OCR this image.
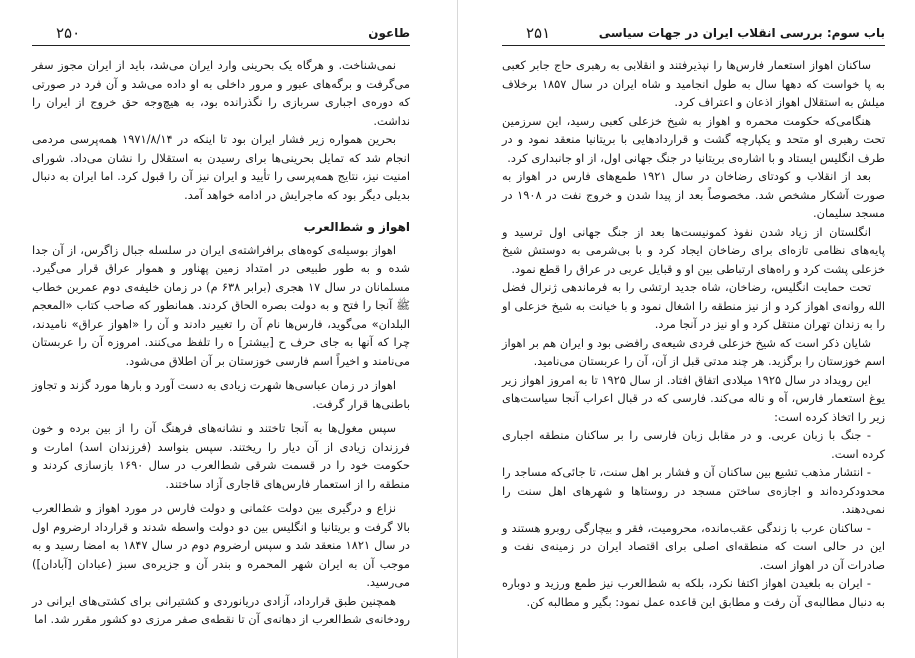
طاعون
۲۵۰

نمی‌شناخت. و هرگاه یک بحرینی وارد ایران می‌شد، باید از ایران مجوز سفر می‌گرفت و برگه‌های عبور و مرور داخلی به او داده می‌شد و آن فرد در صورتی که دوره‌ی اجباری سربازی را نگذرانده بود، به هیچ‌وجه حق خروج از ایران را نداشت.

بحرین همواره زیر فشار ایران بود تا اینکه در ۱۹۷۱/۸/۱۴ همه‌پرسی مردمی انجام شد که تمایل بحرینی‌ها برای رسیدن به استقلال را نشان می‌داد. شورای امنیت نیز، نتایج همه‌پرسی را تأیید و ایران نیز آن را قبول کرد. اما ایران به دنبال بدیلی دیگر بود که ماجرایش در ادامه خواهد آمد.

اهواز و شط‌العرب

اهواز بوسیله‌ی کوه‌های برافراشته‌ی ایران در سلسله جبال زاگرس، از آن جدا شده و به طور طبیعی در امتداد زمین پهناور و هموار عراق قرار می‌گیرد. مسلمانان در سال ۱۷ هجری (برابر ۶۳۸ م) در زمان خلیفه‌ی دوم عمربن خطاب ﷺ آنجا را فتح و به دولت بصره الحاق کردند. همانطور که صاحب کتاب «المعجم البلدان» می‌گوید، فارس‌ها نام آن را تغییر دادند و آن را «اهواز عراق» نامیدند، چرا که آنها به جای حرف ح [بیشتر] ه را تلفظ می‌کنند. امروزه آن را عربستان می‌نامند و اخیراً اسم فارسی خوزستان بر آن اطلاق می‌شود.

اهواز در زمان عباسی‌ها شهرت زیادی به دست آورد و بارها مورد گزند و تجاوز باطنی‌ها قرار گرفت.

سپس مغول‌ها به آنجا تاختند و نشانه‌های فرهنگ آن را از بین برده و خون فرزندان زیادی از آن دیار را ریختند. سپس بنواسد (فرزندان اسد) امارت و حکومت خود را در قسمت شرقی شط‌العرب در سال ۱۶۹۰ بازسازی کردند و منطقه را از استعمار فارس‌های قاجاری آزاد ساختند.

نزاع و درگیری بین دولت عثمانی و دولت فارس در مورد اهواز و شط‌العرب بالا گرفت و بریتانیا و انگلیس بین دو دولت واسطه شدند و قرارداد ارضروم اول در سال ۱۸۲۱ منعقد شد و سپس ارضروم دوم در سال ۱۸۴۷ به امضا رسید و به موجب آن به ایران شهر المحمره و بندر آن و جزیره‌ی سبز (عبادان [آبادان]) می‌رسید.

همچنین طبق قرارداد، آزادی دریانوردی و کشتیرانی برای کشتی‌های ایرانی در رودخانه‌ی شط‌العرب از دهانه‌ی آن تا نقطه‌ی صفر مرزی دو کشور مقرر شد. اما

باب سوم: بررسی انقلاب ایران در جهات سیاسی
۲۵۱

ساکنان اهواز استعمار فارس‌ها را نپذیرفتند و انقلابی به رهبری حاج جابر کعبی به پا خواست که دهها سال به طول انجامید و شاه ایران در سال ۱۸۵۷ برخلاف میلش به استقلال اهواز اذعان و اعتراف کرد.

هنگامی‌که حکومت محمره و اهواز به شیخ خزعلی کعبی رسید، این سرزمین تحت رهبری او متحد و یکپارچه گشت و قراردادهایی با بریتانیا منعقد نمود و در طرف انگلیس ایستاد و با اشاره‌ی بریتانیا در جنگ جهانی اول، از او جانبداری کرد.

بعد از انقلاب و کودتای رضاخان در سال ۱۹۲۱ طمع‌های فارس در اهواز به صورت آشکار مشخص شد. مخصوصاً بعد از پیدا شدن و خروج نفت در ۱۹۰۸ در مسجد سلیمان.

انگلستان از زیاد شدن نفوذ کمونیست‌ها بعد از جنگ جهانی اول ترسید و پایه‌های نظامی تازه‌ای برای رضاخان ایجاد کرد و با بی‌شرمی به دوستش شیخ خزعلی پشت کرد و راه‌های ارتباطی بین او و قبایل عربی در عراق را قطع نمود.

تحت حمایت انگلیس، رضاخان، شاه جدید ارتشی را به فرماندهی ژنرال فضل الله روانه‌ی اهواز کرد و از نیز منطقه را اشغال نمود و با خیانت به شیخ خزعلی او را به زندان تهران منتقل کرد و او نیز در آنجا مرد.

شایان ذکر است که شیخ خزعلی فردی شیعه‌ی رافضی بود و ایران هم بر اهواز اسم خوزستان را برگزید. هر چند مدتی قبل از آن، آن را عربستان می‌نامید.

این رویداد در سال ۱۹۲۵ میلادی اتفاق افتاد. از سال ۱۹۲۵ تا به امروز اهواز زیر یوغ استعمار فارس، آه و ناله می‌کند. فارسی که در قبال اعراب آنجا سیاست‌های زیر را اتخاذ کرده است:

- جنگ با زبان عربی. و در مقابل زبان فارسی را بر ساکنان منطقه اجباری کرده است.

- انتشار مذهب تشیع بین ساکنان آن و فشار بر اهل سنت، تا جائی‌که مساجد را محدودکرده‌اند و اجازه‌ی ساختن مسجد در روستاها و شهرهای اهل سنت را نمی‌دهند.

- ساکنان عرب با زندگی عقب‌مانده، محرومیت، فقر و بیچارگی روبرو هستند و این در حالی است که منطقه‌ای اصلی برای اقتصاد ایران در زمینه‌ی نفت و صادرات آن در اهواز است.

- ایران به بلعیدن اهواز اکتفا نکرد، بلکه به شط‌العرب نیز طمع ورزید و دوباره به دنبال مطالبه‌ی آن رفت و مطابق این قاعده عمل نمود: بگیر و مطالبه کن.
